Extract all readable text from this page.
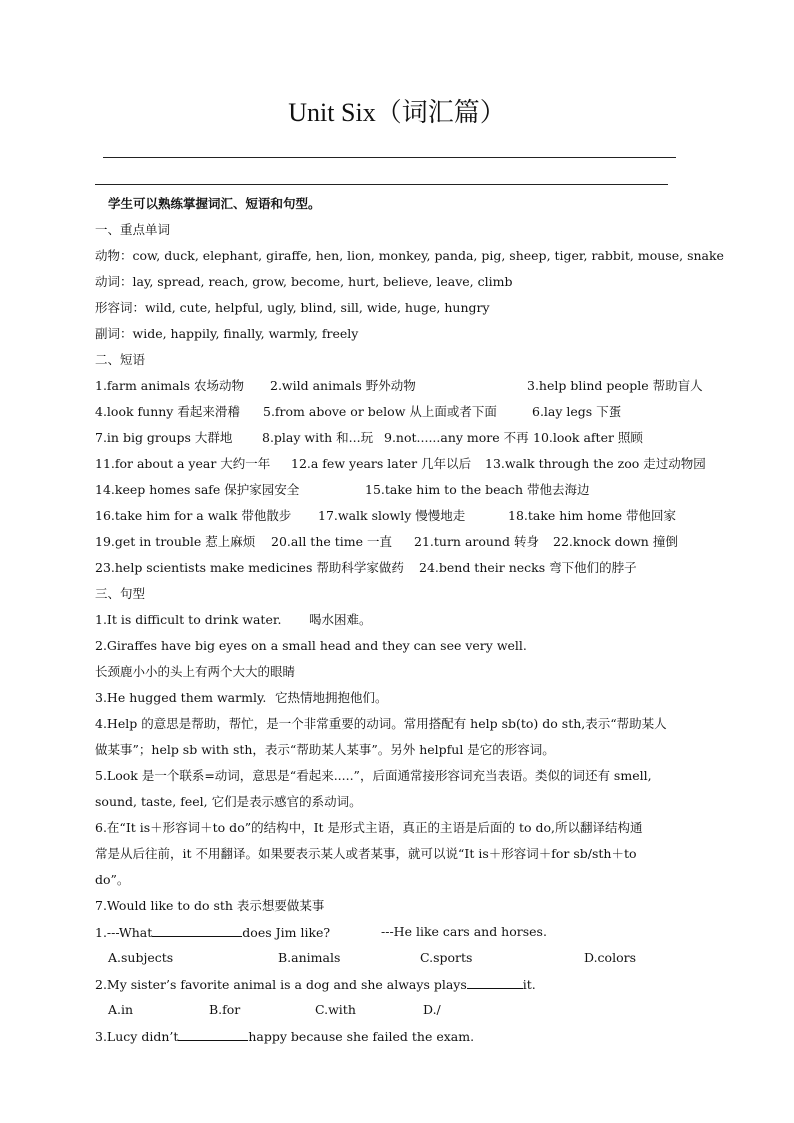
Unit Six（词汇篇）
学生可以熟练掌握词汇、短语和句型。
一、重点单词
动物：cow, duck, elephant, giraffe, hen, lion, monkey, panda, pig, sheep, tiger, rabbit, mouse, snake
动词：lay, spread, reach, grow, become, hurt, believe, leave, climb
形容词：wild, cute, helpful, ugly, blind, sill, wide, huge, hungry
副词：wide, happily, finally, warmly, freely
二、短语
1.farm animals 农场动物 2.wild animals 野外动物	3.help blind people 帮助盲人
4.look funny 看起来滑稽 5.from above or below 从上面或者下面	6.lay legs 下蛋
7.in big groups 大群地 8.play with 和...玩 9.not......any more 不再 10.look after 照顾
11.for about a year 大约一年 12.a few years later 几年以后 13.walk through the zoo 走过动物园
14.keep homes safe 保护家园安全	15.take him to the beach 带他去海边
16.take him for a walk 带他散步 17.walk slowly 慢慢地走	18.take him home 带他回家
19.get in trouble 惹上麻烦 20.all the time 一直 21.turn around 转身 22.knock down 撞倒
23.help scientists make medicines 帮助科学家做药 24.bend their necks 弯下他们的脖子
三、句型
1.It is difficult to drink water. 喝水困难。
2.Giraffes have big eyes on a small head and they can see very well.
长颈鹿小小的头上有两个大大的眼睛
3.He hugged them warmly. 它热情地拥抱他们。
4.Help 的意思是帮助，帮忙，是一个非常重要的动词。常用搭配有 help sb(to) do sth,表示“帮助某人
做某事”；help sb with sth，表示“帮助某人某事”。另外 helpful 是它的形容词。
5.Look 是一个联系=动词，意思是“看起来.....”，后面通常接形容词充当表语。类似的词还有 smell,
sound, taste, feel, 它们是表示感官的系动词。
6.在“It is＋形容词＋to do”的结构中，It 是形式主语，真正的主语是后面的 to do,所以翻译结构通
常是从后往前，it 不用翻译。如果要表示某人或者某事，就可以说“It is＋形容词＋for sb/sth＋to
do”。
7.Would like to do sth 表示想要做某事
1.---What	does Jim like?	---He like cars and horses.
A.subjects	B.animals	C.sports	D.colors
2.My sister’s favorite animal is a dog and she always plays	it.
A.in	B.for	C.with	D./
3.Lucy didn’t	happy because she failed the exam.
